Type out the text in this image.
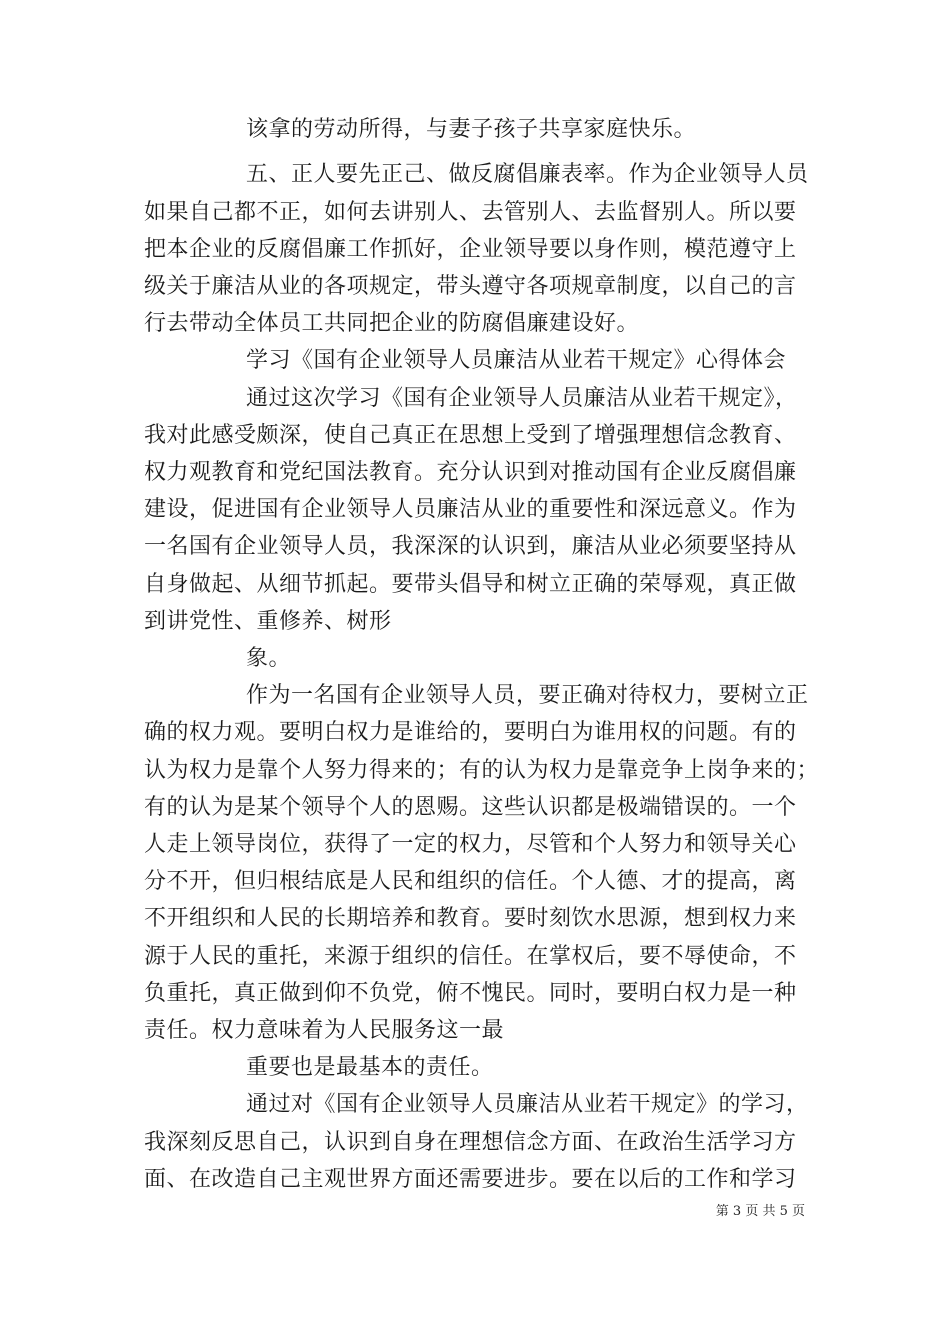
该拿的劳动所得，与妻子孩子共享家庭快乐。
五、正人要先正己、做反腐倡廉表率。作为企业领导人员
如果自己都不正，如何去讲别人、去管别人、去监督别人。所以要
把本企业的反腐倡廉工作抓好，企业领导要以身作则，模范遵守上
级关于廉洁从业的各项规定，带头遵守各项规章制度，以自己的言
行去带动全体员工共同把企业的防腐倡廉建设好。
学习《国有企业领导人员廉洁从业若干规定》心得体会
通过这次学习《国有企业领导人员廉洁从业若干规定》，
我对此感受颇深，使自己真正在思想上受到了增强理想信念教育、
权力观教育和党纪国法教育。充分认识到对推动国有企业反腐倡廉
建设，促进国有企业领导人员廉洁从业的重要性和深远意义。作为
一名国有企业领导人员，我深深的认识到，廉洁从业必须要坚持从
自身做起、从细节抓起。要带头倡导和树立正确的荣辱观，真正做
到讲党性、重修养、树形
象。
作为一名国有企业领导人员，要正确对待权力，要树立正
确的权力观。要明白权力是谁给的，要明白为谁用权的问题。有的
认为权力是靠个人努力得来的；有的认为权力是靠竞争上岗争来的；
有的认为是某个领导个人的恩赐。这些认识都是极端错误的。一个
人走上领导岗位，获得了一定的权力，尽管和个人努力和领导关心
分不开，但归根结底是人民和组织的信任。个人德、才的提高，离
不开组织和人民的长期培养和教育。要时刻饮水思源，想到权力来
源于人民的重托，来源于组织的信任。在掌权后，要不辱使命，不
负重托，真正做到仰不负党，俯不愧民。同时，要明白权力是一种
责任。权力意味着为人民服务这一最
重要也是最基本的责任。
通过对《国有企业领导人员廉洁从业若干规定》的学习，
我深刻反思自己，认识到自身在理想信念方面、在政治生活学习方
面、在改造自己主观世界方面还需要进步。要在以后的工作和学习
第 3 页 共 5 页
